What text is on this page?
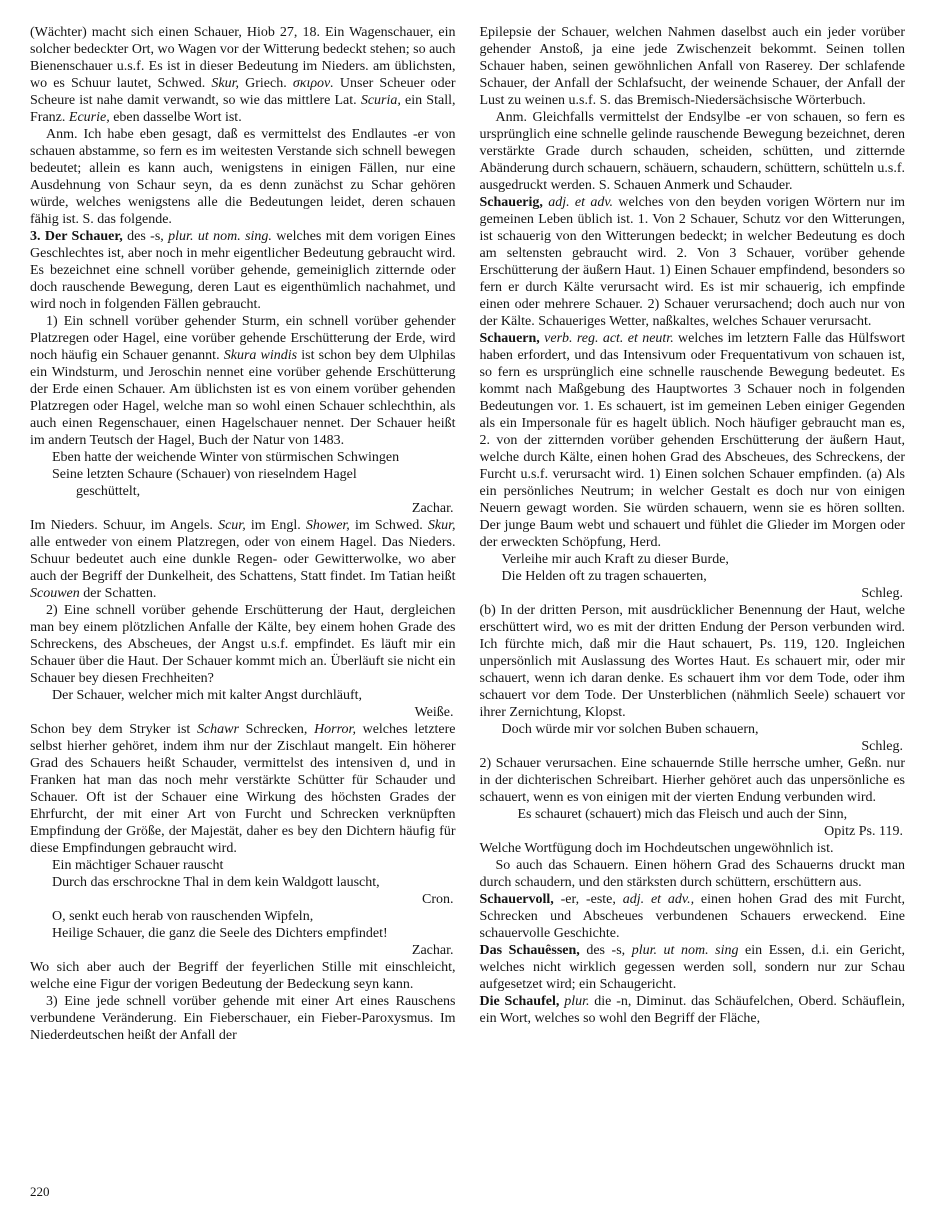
(Wächter) macht sich einen Schauer, Hiob 27, 18. Ein Wagenschauer, ein solcher bedeckter Ort, wo Wagen vor der Witterung bedeckt stehen; so auch Bienenschauer u.s.f. Es ist in dieser Bedeutung im Nieders. am üblichsten, wo es Schuur lautet, Schwed. Skur, Griech. σκιρον. Unser Scheuer oder Scheure ist nahe damit verwandt, so wie das mittlere Lat. Scuria, ein Stall, Franz. Ecurie, eben dasselbe Wort ist.

Anm. Ich habe eben gesagt, daß es vermittelst des Endlautes -er von schauen abstamme, so fern es im weitesten Verstande sich schnell bewegen bedeutet; allein es kann auch, wenigstens in einigen Fällen, nur eine Ausdehnung von Schaur seyn, da es denn zunächst zu Schar gehören würde, welches wenigstens alle die Bedeutungen leidet, deren schauen fähig ist. S. das folgende.

3. Der Schauer, des -s, plur. ut nom. sing. welches mit dem vorigen Eines Geschlechtes ist, aber noch in mehr eigentlicher Bedeutung gebraucht wird. Es bezeichnet eine schnell vorüber gehende, gemeiniglich zitternde oder doch rauschende Bewegung, deren Laut es eigenthümlich nachahmet, und wird noch in folgenden Fällen gebraucht.

1) Ein schnell vorüber gehender Sturm, ein schnell vorüber gehender Platzregen oder Hagel, eine vorüber gehende Erschütterung der Erde, wird noch häufig ein Schauer genannt. Skura windis ist schon bey dem Ulphilas ein Windsturm, und Jeroschin nennet eine vorüber gehende Erschütterung der Erde einen Schauer. Am üblichsten ist es von einem vorüber gehenden Platzregen oder Hagel, welche man so wohl einen Schauer schlechthin, als auch einen Regenschauer, einen Hagelschauer nennet. Der Schauer heißt im andern Teutsch der Hagel, Buch der Natur von 1483.

Eben hatte der weichende Winter von stürmischen Schwingen

Seine letzten Schaure (Schauer) von rieselndem Hagel

geschüttelt,

Zachar.

Im Nieders. Schuur, im Angels. Scur, im Engl. Shower, im Schwed. Skur, alle entweder von einem Platzregen, oder von einem Hagel. Das Nieders. Schuur bedeutet auch eine dunkle Regen- oder Gewitterwolke, wo aber auch der Begriff der Dunkelheit, des Schattens, Statt findet. Im Tatian heißt Scouwen der Schatten.

2) Eine schnell vorüber gehende Erschütterung der Haut, dergleichen man bey einem plötzlichen Anfalle der Kälte, bey einem hohen Grade des Schreckens, des Abscheues, der Angst u.s.f. empfindet. Es läuft mir ein Schauer über die Haut. Der Schauer kommt mich an. Überläuft sie nicht ein Schauer bey diesen Frechheiten?

Der Schauer, welcher mich mit kalter Angst durchläuft,

Weiße.

Schon bey dem Stryker ist Schawr Schrecken, Horror, welches letztere selbst hierher gehöret, indem ihm nur der Zischlaut mangelt. Ein höherer Grad des Schauers heißt Schauder, vermittelst des intensiven d, und in Franken hat man das noch mehr verstärkte Schütter für Schauder und Schauer. Oft ist der Schauer eine Wirkung des höchsten Grades der Ehrfurcht, der mit einer Art von Furcht und Schrecken verknüpften Empfindung der Größe, der Majestät, daher es bey den Dichtern häufig für diese Empfindungen gebraucht wird.

Ein mächtiger Schauer rauscht

Durch das erschrockne Thal in dem kein Waldgott lauscht,

Cron.

O, senkt euch herab von rauschenden Wipfeln,

Heilige Schauer, die ganz die Seele des Dichters empfindet!

Zachar.

Wo sich aber auch der Begriff der feyerlichen Stille mit einschleicht, welche eine Figur der vorigen Bedeutung der Bedeckung seyn kann.

3) Eine jede schnell vorüber gehende mit einer Art eines Rauschens verbundene Veränderung. Ein Fieberschauer, ein Fieber-Paroxysmus. Im Niederdeutschen heißt der Anfall der

Epilepsie der Schauer, welchen Nahmen daselbst auch ein jeder vorüber gehender Anstoß, ja eine jede Zwischenzeit bekommt. Seinen tollen Schauer haben, seinen gewöhnlichen Anfall von Raserey. Der schlafende Schauer, der Anfall der Schlafsucht, der weinende Schauer, der Anfall der Lust zu weinen u.s.f. S. das Bremisch-Niedersächsische Wörterbuch.

Anm. Gleichfalls vermittelst der Endsylbe -er von schauen, so fern es ursprünglich eine schnelle gelinde rauschende Bewegung bezeichnet, deren verstärkte Grade durch schauden, scheiden, schütten, und zitternde Abänderung durch schauern, schäuern, schaudern, schüttern, schütteln u.s.f. ausgedruckt werden. S. Schauen Anmerk und Schauder.

Schauerig, adj. et adv. welches von den beyden vorigen Wörtern nur im gemeinen Leben üblich ist. 1. Von 2 Schauer, Schutz vor den Witterungen, ist schauerig von den Witterungen bedeckt; in welcher Bedeutung es doch am seltensten gebraucht wird. 2. Von 3 Schauer, vorüber gehende Erschütterung der äußern Haut. 1) Einen Schauer empfindend, besonders so fern er durch Kälte verursacht wird. Es ist mir schauerig, ich empfinde einen oder mehrere Schauer. 2) Schauer verursachend; doch auch nur von der Kälte. Schaueriges Wetter, naßkaltes, welches Schauer verursacht.

Schauern, verb. reg. act. et neutr. welches im letztern Falle das Hülfswort haben erfordert, und das Intensivum oder Frequentativum von schauen ist, so fern es ursprünglich eine schnelle rauschende Bewegung bedeutet. Es kommt nach Maßgebung des Hauptwortes 3 Schauer noch in folgenden Bedeutungen vor. 1. Es schauert, ist im gemeinen Leben einiger Gegenden als ein Impersonale für es hagelt üblich. Noch häufiger gebraucht man es, 2. von der zitternden vorüber gehenden Erschütterung der äußern Haut, welche durch Kälte, einen hohen Grad des Abscheues, des Schreckens, der Furcht u.s.f. verursacht wird. 1) Einen solchen Schauer empfinden. (a) Als ein persönliches Neutrum; in welcher Gestalt es doch nur von einigen Neuern gewagt worden. Sie würden schauern, wenn sie es hören sollten. Der junge Baum webt und schauert und fühlet die Glieder im Morgen oder der erweckten Schöpfung, Herd.

Verleihe mir auch Kraft zu dieser Burde,

Die Helden oft zu tragen schauerten,

Schleg.

(b) In der dritten Person, mit ausdrücklicher Benennung der Haut, welche erschüttert wird, wo es mit der dritten Endung der Person verbunden wird. Ich fürchte mich, daß mir die Haut schauert, Ps. 119, 120. Ingleichen unpersönlich mit Auslassung des Wortes Haut. Es schauert mir, oder mir schauert, wenn ich daran denke. Es schauert ihm vor dem Tode, oder ihm schauert vor dem Tode. Der Unsterblichen (nähmlich Seele) schauert vor ihrer Zernichtung, Klopst.

Doch würde mir vor solchen Buben schauern,

Schleg.

2) Schauer verursachen. Eine schauernde Stille herrsche umher, Geßn. nur in der dichterischen Schreibart. Hierher gehöret auch das unpersönliche es schauert, wenn es von einigen mit der vierten Endung verbunden wird.

Es schauret (schauert) mich das Fleisch und auch der Sinn,

Opitz Ps. 119.

Welche Wortfügung doch im Hochdeutschen ungewöhnlich ist.

So auch das Schauern. Einen höhern Grad des Schauerns druckt man durch schaudern, und den stärksten durch schüttern, erschüttern aus.

Schauervoll, -er, -este, adj. et adv., einen hohen Grad des mit Furcht, Schrecken und Abscheues verbundenen Schauers erweckend. Eine schauervolle Geschichte.

Das Schauêssen, des -s, plur. ut nom. sing ein Essen, d.i. ein Gericht, welches nicht wirklich gegessen werden soll, sondern nur zur Schau aufgesetzet wird; ein Schaugericht.

Die Schaufel, plur. die -n, Diminut. das Schäufelchen, Oberd. Schäuflein, ein Wort, welches so wohl den Begriff der Fläche,

220
